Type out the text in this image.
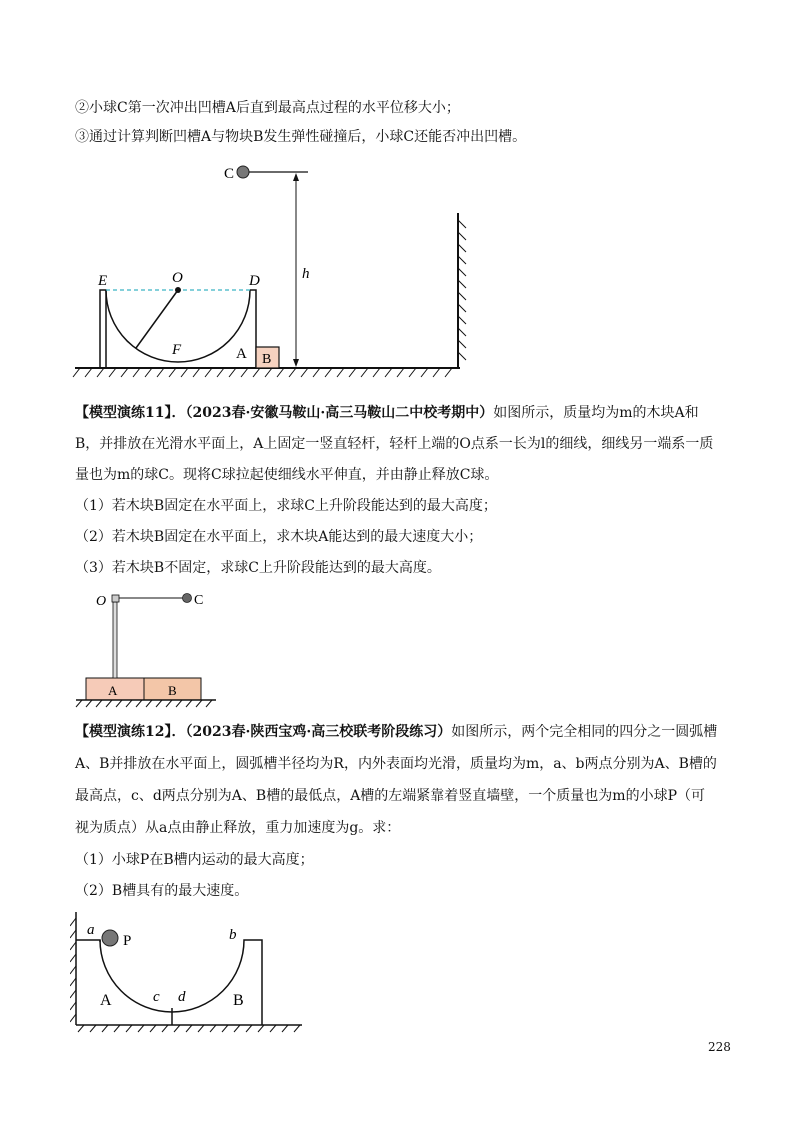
②小球C第一次冲出凹槽A后直到最高点过程的水平位移大小；
③通过计算判断凹槽A与物块B发生弹性碰撞后，小球C还能否冲出凹槽。
C
E	O	D
F
h
A B
【模型演练11】．（2023春·安徽马鞍山·高三马鞍山二中校考期中）如图所示，质量均为m的木块A和
B，并排放在光滑水平面上，A上固定一竖直轻杆，轻杆上端的O点系一长为l的细线，细线另一端系一质
量也为m的球C。现将C球拉起使细线水平伸直，并由静止释放C球。
（1）若木块B固定在水平面上，求球C上升阶段能达到的最大高度；
（2）若木块B固定在水平面上，求木块A能达到的最大速度大小；
（3）若木块B不固定，求球C上升阶段能达到的最大高度。
O	C
A	B
【模型演练12】．（2023春·陕西宝鸡·高三校联考阶段练习）如图所示，两个完全相同的四分之一圆弧槽
A、B并排放在水平面上，圆弧槽半径均为R，内外表面均光滑，质量均为m，a、b两点分别为A、B槽的
最高点，c、d两点分别为A、B槽的最低点，A槽的左端紧靠着竖直墙壁，一个质量也为m的小球P（可
视为质点）从a点由静止释放，重力加速度为g。求：
（1）小球P在B槽内运动的最大高度；
（2）B槽具有的最大速度。
a
P	b
c d
A	B
228
